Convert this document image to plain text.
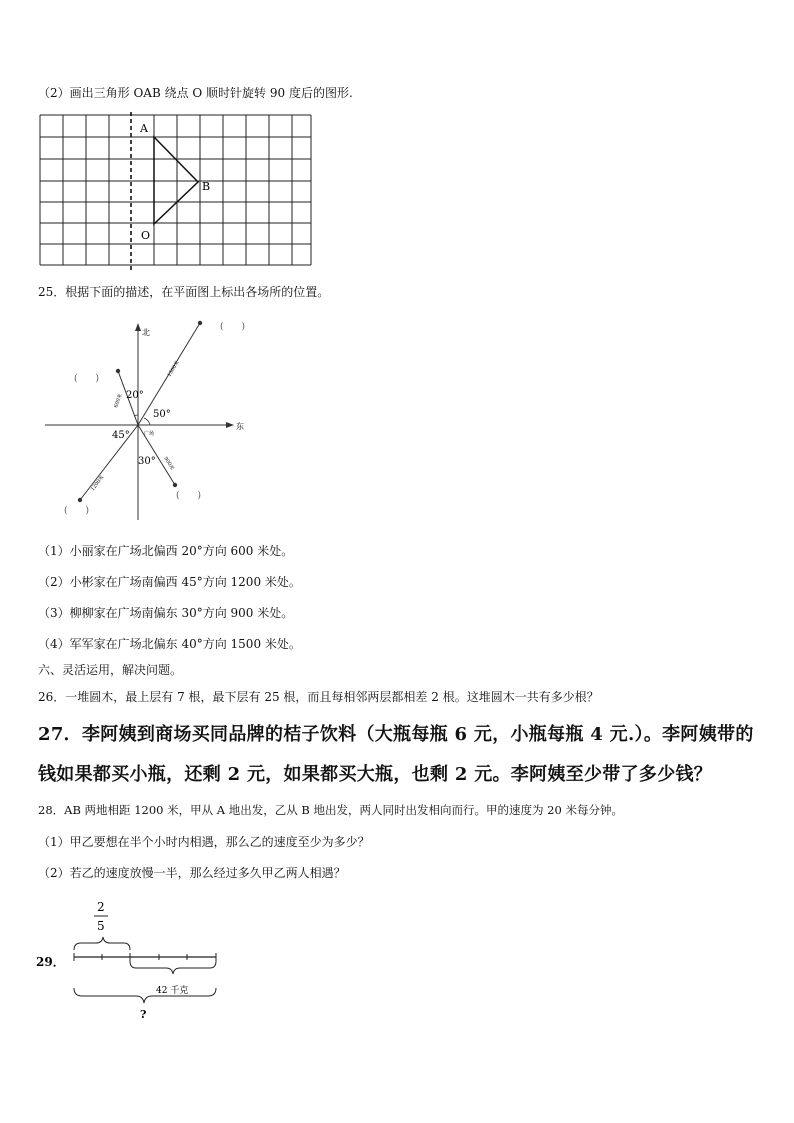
（2）画出三角形 OAB 绕点 O 顺时针旋转 90 度后的图形.
A
B
O
25．根据下面的描述，在平面图上标出各场所的位置。
北
东
广场
20°
50°
45°
30°
600米
1500米
1200米
900米
(　　)
(　　)
(　　)
(　　)
（1）小丽家在广场北偏西 20°方向 600 米处。
（2）小彬家在广场南偏西 45°方向 1200 米处。
（3）柳柳家在广场南偏东 30°方向 900 米处。
（4）军军家在广场北偏东 40°方向 1500 米处。
六、灵活运用，解决问题。
26．一堆圆木，最上层有 7 根，最下层有 25 根，而且每相邻两层都相差 2 根。这堆圆木一共有多少根？
27．李阿姨到商场买同品牌的桔子饮料（大瓶每瓶 6 元，小瓶每瓶 4 元.）。李阿姨带的
钱如果都买小瓶，还剩 2 元，如果都买大瓶，也剩 2 元。李阿姨至少带了多少钱？
28．AB 两地相距 1200 米，甲从 A 地出发，乙从 B 地出发，两人同时出发相向而行。甲的速度为 20 米每分钟。
（1）甲乙要想在半个小时内相遇，那么乙的速度至少为多少？
（2）若乙的速度放慢一半，那么经过多久甲乙两人相遇？
29．
2
5
42 千克
?
